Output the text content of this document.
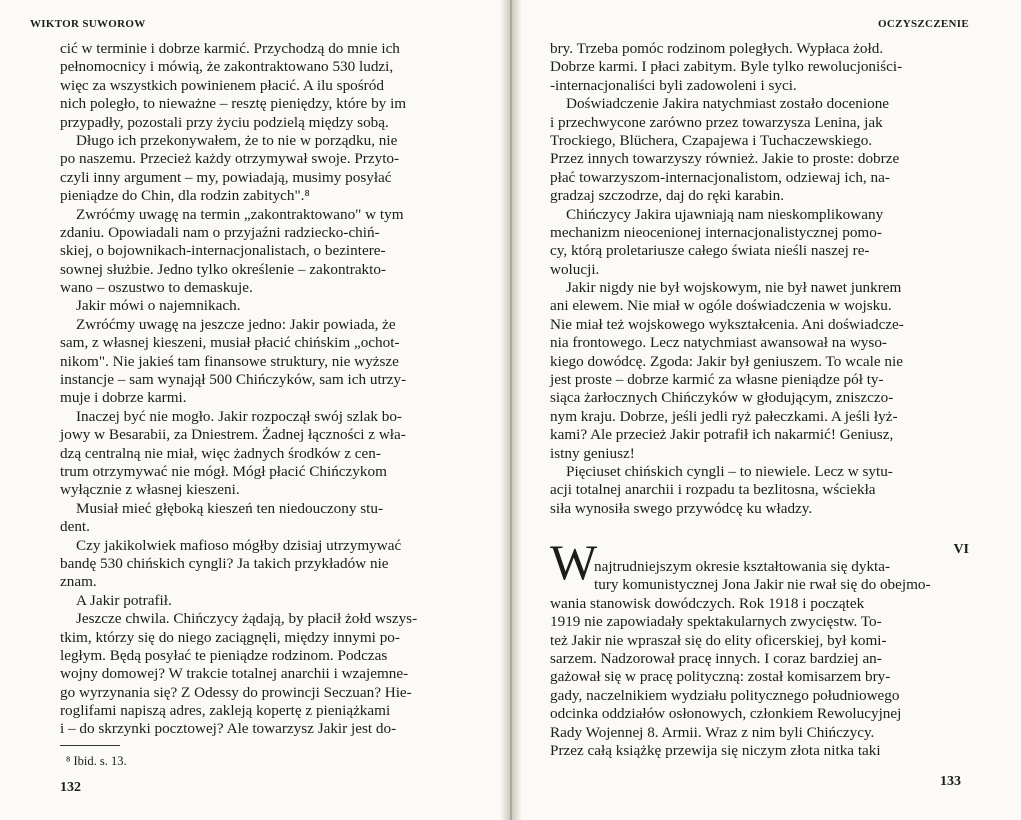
WIKTOR SUWOROW
cić w terminie i dobrze karmić. Przychodzą do mnie ich
pełnomocnicy i mówią, że zakontraktowano 530 ludzi,
więc za wszystkich powinienem płacić. A ilu spośród
nich poległo, to nieważne – resztę pieniędzy, które by im
przypadły, pozostali przy życiu podzielą między sobą.
Długo ich przekonywałem, że to nie w porządku, nie
po naszemu. Przecież każdy otrzymywał swoje. Przyto-
czyli inny argument – my, powiadają, musimy posyłać
pieniądze do Chin, dla rodzin zabitych".⁸
Zwróćmy uwagę na termin „zakontraktowano" w tym
zdaniu. Opowiadali nam o przyjaźni radziecko-chiń-
skiej, o bojownikach-internacjonalistach, o bezintere-
sownej służbie. Jedno tylko określenie – zakontrakto-
wano – oszustwo to demaskuje.
Jakir mówi o najemnikach.
Zwróćmy uwagę na jeszcze jedno: Jakir powiada, że
sam, z własnej kieszeni, musiał płacić chińskim „ochot-
nikom". Nie jakieś tam finansowe struktury, nie wyższe
instancje – sam wynajął 500 Chińczyków, sam ich utrzy-
muje i dobrze karmi.
Inaczej być nie mogło. Jakir rozpoczął swój szlak bo-
jowy w Besarabii, za Dniestrem. Żadnej łączności z wła-
dzą centralną nie miał, więc żadnych środków z cen-
trum otrzymywać nie mógł. Mógł płacić Chińczykom
wyłącznie z własnej kieszeni.
Musiał mieć głęboką kieszeń ten niedouczony stu-
dent.
Czy jakikolwiek mafioso mógłby dzisiaj utrzymywać
bandę 530 chińskich cyngli? Ja takich przykładów nie
znam.
A Jakir potrafił.
Jeszcze chwila. Chińczycy żądają, by płacił żołd wszys-
tkim, którzy się do niego zaciągnęli, między innymi po-
ległym. Będą posyłać te pieniądze rodzinom. Podczas
wojny domowej? W trakcie totalnej anarchii i wzajemne-
go wyrzynania się? Z Odessy do prowincji Seczuan? Hie-
roglifami napiszą adres, zakleją kopertę z pieniążkami
i – do skrzynki pocztowej? Ale towarzysz Jakir jest do-
⁸ Ibid. s. 13.
132
OCZYSZCZENIE
bry. Trzeba pomóc rodzinom poległych. Wypłaca żołd.
Dobrze karmi. I płaci zabitym. Byle tylko rewolucjoniści-
-internacjonaliści byli zadowoleni i syci.
Doświadczenie Jakira natychmiast zostało docenione
i przechwycone zarówno przez towarzysza Lenina, jak
Trockiego, Blüchera, Czapajewa i Tuchaczewskiego.
Przez innych towarzyszy również. Jakie to proste: dobrze
płać towarzyszom-internacjonalistom, odziewaj ich, na-
gradzaj szczodrze, daj do ręki karabin.
Chińczycy Jakira ujawniają nam nieskomplikowany
mechanizm nieocenionej internacjonalistycznej pomo-
cy, którą proletariusze całego świata nieśli naszej re-
wolucji.
Jakir nigdy nie był wojskowym, nie był nawet junkrem
ani elewem. Nie miał w ogóle doświadczenia w wojsku.
Nie miał też wojskowego wykształcenia. Ani doświadcze-
nia frontowego. Lecz natychmiast awansował na wyso-
kiego dowódcę. Zgoda: Jakir był geniuszem. To wcale nie
jest proste – dobrze karmić za własne pieniądze pół ty-
siąca żarłocznych Chińczyków w głodującym, zniszczo-
nym kraju. Dobrze, jeśli jedli ryż pałeczkami. A jeśli łyż-
kami? Ale przecież Jakir potrafił ich nakarmić! Geniusz,
istny geniusz!
Pięciuset chińskich cyngli – to niewiele. Lecz w sytu-
acji totalnej anarchii i rozpadu ta bezlitosna, wściekła
siła wynosiła swego przywódcę ku władzy.
VI
W
najtrudniejszym okresie kształtowania się dyktа-
tury komunistycznej Jona Jakir nie rwał się do obejmo-
wania stanowisk dowódczych. Rok 1918 i początek
1919 nie zapowiadały spektakularnych zwycięstw. To-
też Jakir nie wpraszał się do elity oficerskiej, był komi-
sarzem. Nadzorował pracę innych. I coraz bardziej an-
gażował się w pracę polityczną: został komisarzem bry-
gady, naczelnikiem wydziału politycznego południowego
odcinka oddziałów osłonowych, członkiem Rewolucyjnej
Rady Wojennej 8. Armii. Wraz z nim byli Chińczycy.
Przez całą książkę przewija się niczym złota nitka taki
133
